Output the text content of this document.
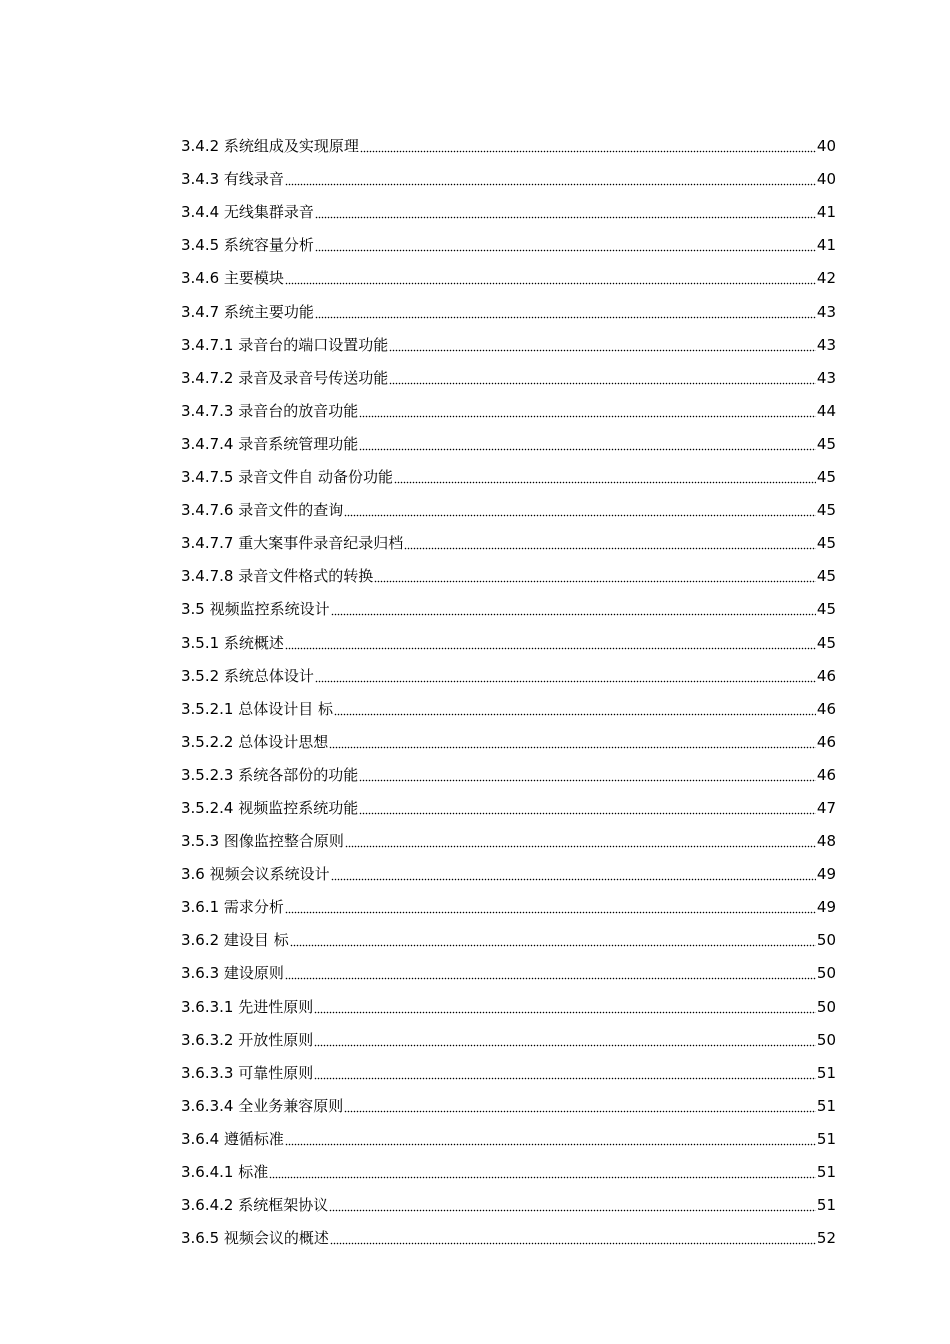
3.4.2 系统组成及实现原理	40
3.4.3 有线录音	40
3.4.4 无线集群录音	41
3.4.5 系统容量分析	41
3.4.6 主要模块	42
3.4.7 系统主要功能	43
3.4.7.1 录音台的端口设置功能	43
3.4.7.2 录音及录音号传送功能	43
3.4.7.3 录音台的放音功能	44
3.4.7.4 录音系统管理功能	45
3.4.7.5 录音文件自 动备份功能	45
3.4.7.6 录音文件的查询	45
3.4.7.7 重大案事件录音纪录归档	45
3.4.7.8 录音文件格式的转换	45
3.5 视频监控系统设计	45
3.5.1 系统概述	45
3.5.2 系统总体设计	46
3.5.2.1 总体设计目 标	46
3.5.2.2 总体设计思想	46
3.5.2.3 系统各部份的功能	46
3.5.2.4 视频监控系统功能	47
3.5.3 图像监控整合原则	48
3.6 视频会议系统设计	49
3.6.1 需求分析	49
3.6.2 建设目 标	50
3.6.3 建设原则	50
3.6.3.1 先进性原则	50
3.6.3.2 开放性原则	50
3.6.3.3 可靠性原则	51
3.6.3.4 全业务兼容原则	51
3.6.4 遵循标准	51
3.6.4.1 标准	51
3.6.4.2 系统框架协议	51
3.6.5 视频会议的概述	52
